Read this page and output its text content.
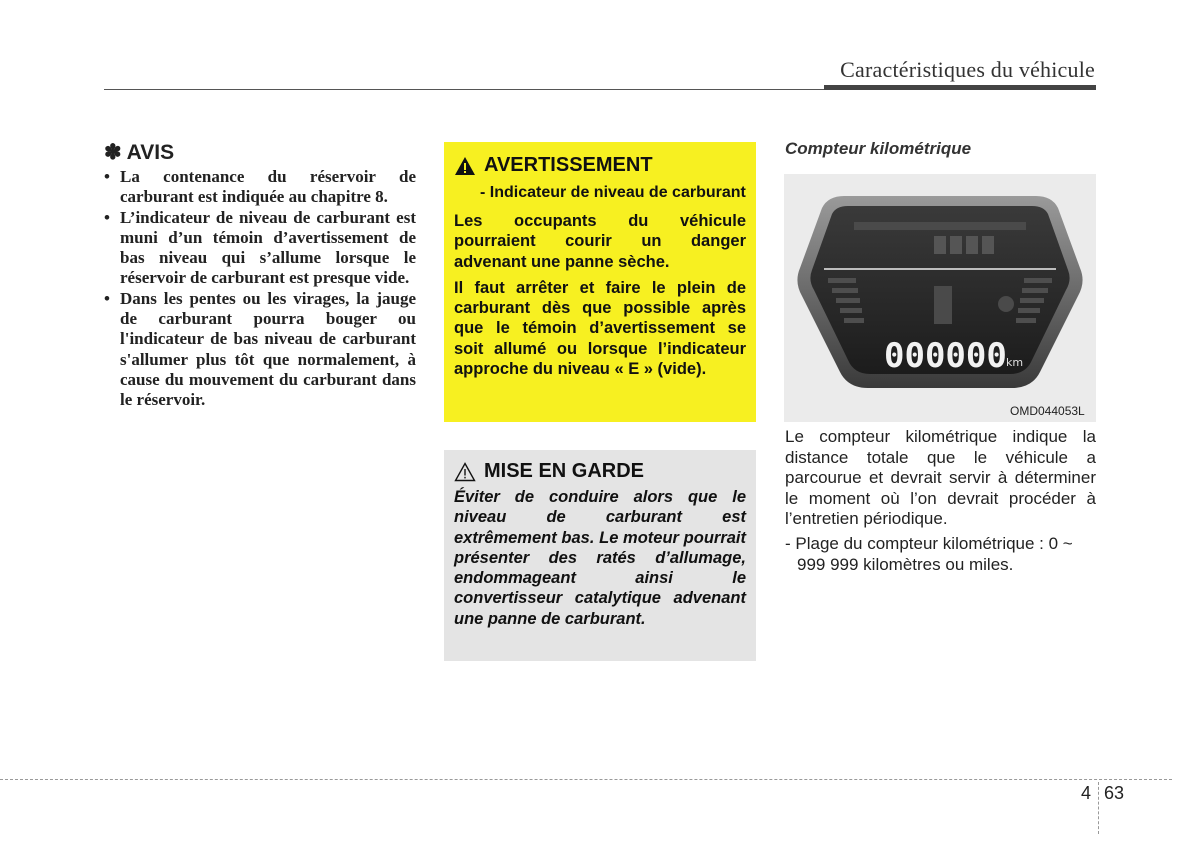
Caractéristiques du véhicule
✽ AVIS
• La contenance du réservoir de carburant est indiquée au chapitre 8.
• L’indicateur de niveau de carburant est muni d’un témoin d’avertissement de bas niveau qui s’allume lorsque le réservoir de carburant est presque vide.
• Dans les pentes ou les virages, la jauge de carburant pourra bouger ou l'indicateur de bas niveau de carburant s'allumer plus tôt que normalement, à cause du mouvement du carburant dans le réservoir.
AVERTISSEMENT
- Indicateur de niveau de carburant

Les occupants du véhicule pourraient courir un danger advenant une panne sèche.

Il faut arrêter et faire le plein de carburant dès que possible après que le témoin d’avertissement se soit allumé ou lorsque l’indicateur approche du niveau « E » (vide).

MISE EN GARDE

Éviter de conduire alors que le niveau de carburant est extrêmement bas. Le moteur pourrait présenter des ratés d’allumage, endommageant ainsi le convertisseur catalytique advenant une panne de carburant.

Compteur kilométrique
000000 km
OMD044053L

Le compteur kilométrique indique la distance totale que le véhicule a parcourue et devrait servir à déterminer le moment où l’on devrait procéder à l’entretien périodique.

- Plage du compteur kilométrique : 0 ~ 999 999 kilomètres ou miles.

4 63
